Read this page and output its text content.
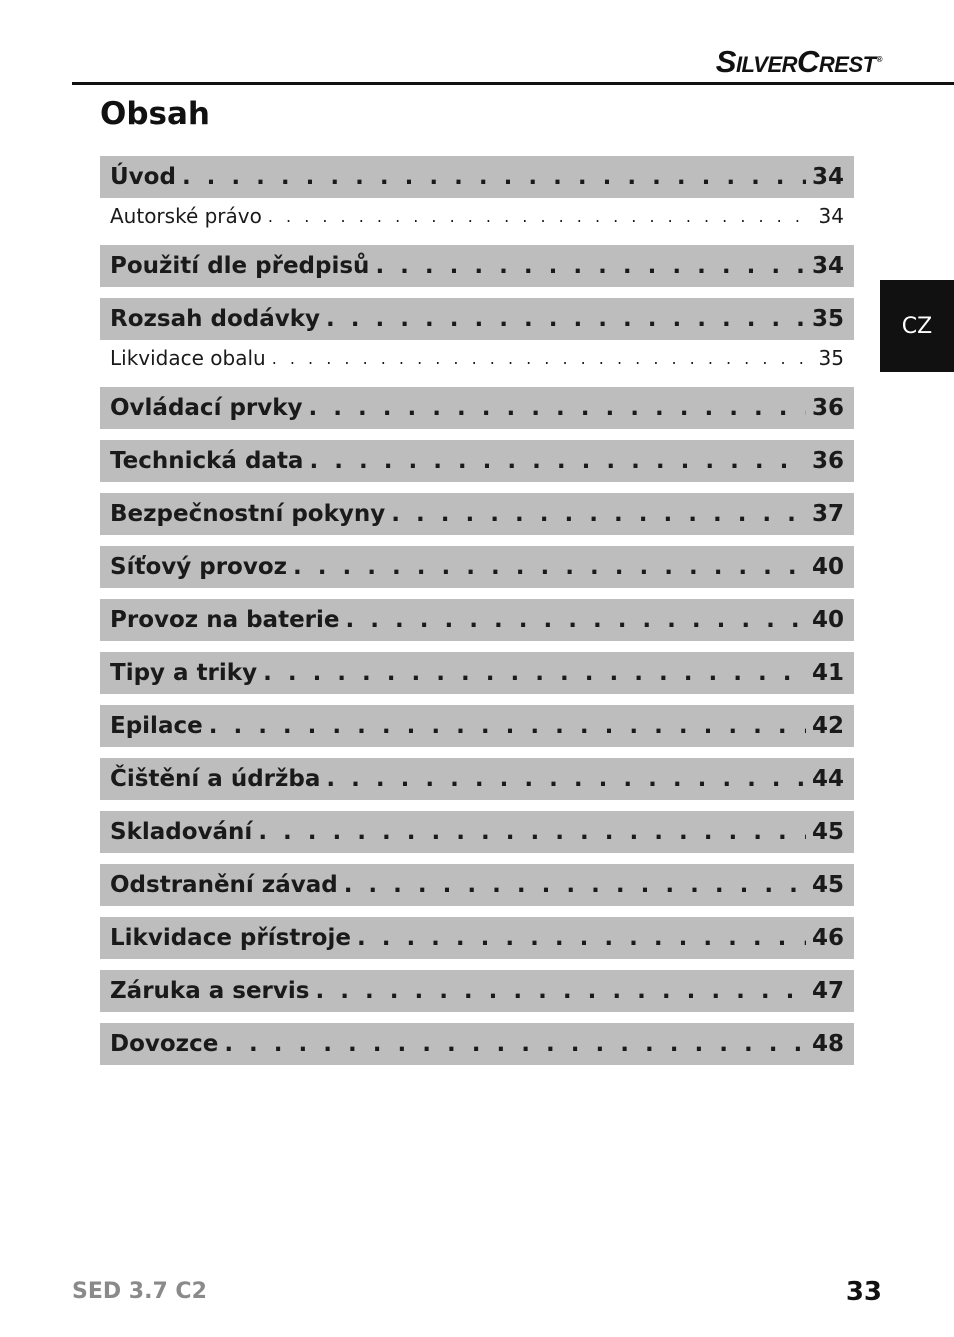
SILVERCREST®
Obsah
Úvod . . .	34
Autorské právo . . .	34
Použití dle předpisů . . .	34
Rozsah dodávky . . .	35
Likvidace obalu . . .	35
Ovládací prvky . . .	36
Technická data . . .	36
Bezpečnostní pokyny . . .	37
Síťový provoz . . .	40
Provoz na baterie . . .	40
Tipy a triky . . .	41
Epilace . . .	42
Čištění a údržba . . .	44
Skladování . . .	45
Odstranění závad . . .	45
Likvidace přístroje . . .	46
Záruka a servis . . .	47
Dovozce . . .	48
CZ
SED 3.7 C2	33
